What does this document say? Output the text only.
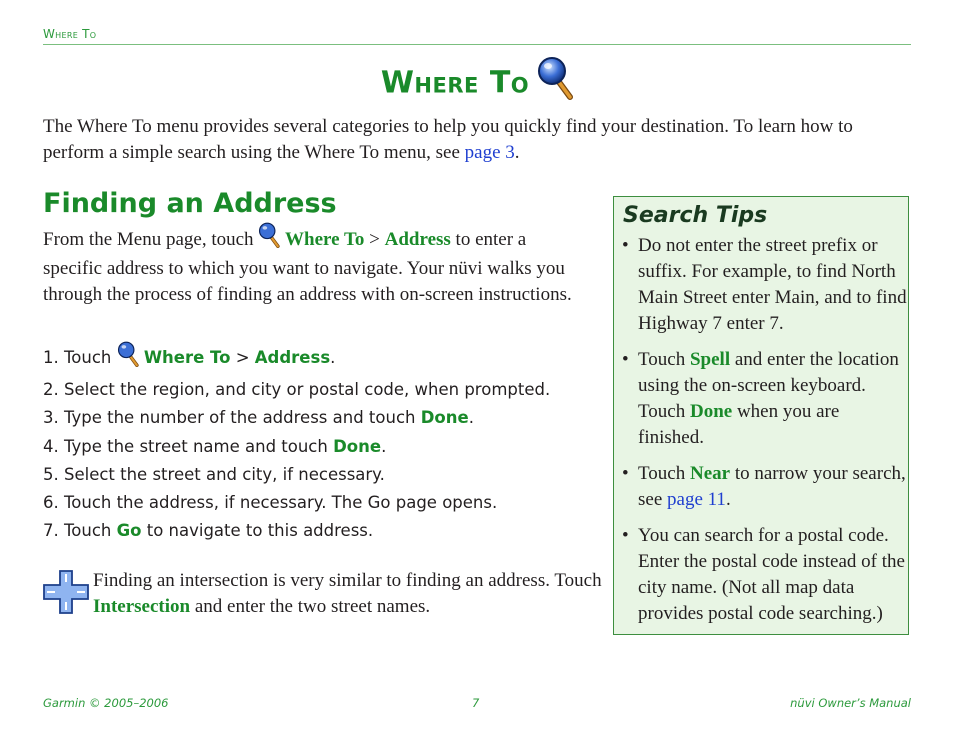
Where To
Where To
The Where To menu provides several categories to help you quickly find your destination. To learn how to perform a simple search using the Where To menu, see page 3.
Finding an Address
From the Menu page, touch  Where To > Address to enter a specific address to which you want to navigate. Your nüvi walks you through the process of finding an address with on-screen instructions.
1. Touch  Where To > Address.
2. Select the region, and city or postal code, when prompted.
3. Type the number of the address and touch Done.
4. Type the street name and touch Done.
5. Select the street and city, if necessary.
6. Touch the address, if necessary. The Go page opens.
7. Touch Go to navigate to this address.
Finding an intersection is very similar to finding an address. Touch Intersection and enter the two street names.
Search Tips
• Do not enter the street prefix or suffix. For example, to find North Main Street enter Main, and to find Highway 7 enter 7.
• Touch Spell and enter the location using the on-screen keyboard. Touch Done when you are finished.
• Touch Near to narrow your search, see page 11.
• You can search for a postal code. Enter the postal code instead of the city name. (Not all map data provides postal code searching.)
Garmin © 2005–2006	7	nüvi Owner’s Manual
